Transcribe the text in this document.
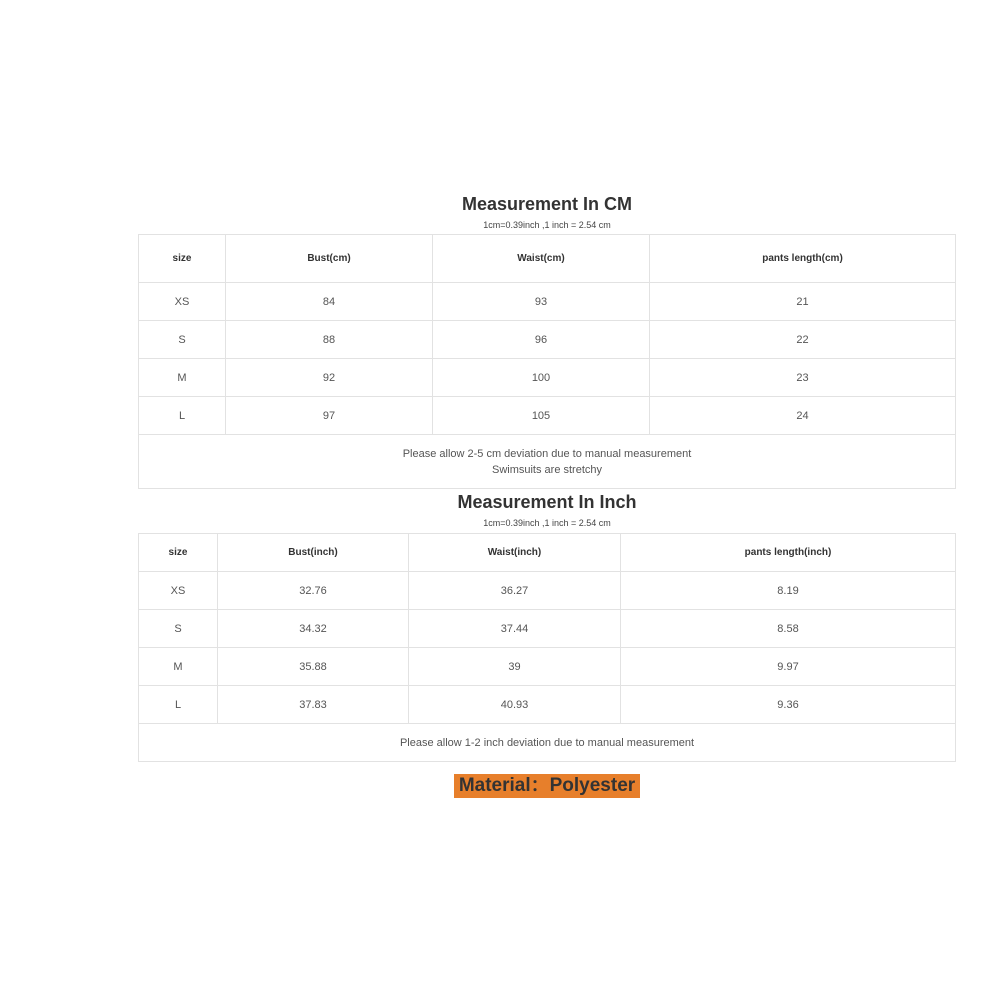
Measurement In CM
1cm=0.39inch ,1 inch = 2.54 cm
size	Bust(cm)	Waist(cm)	pants length(cm)
XS	84	93	21
S	88	96	22
M	92	100	23
L	97	105	24
Please allow 2-5 cm deviation due to manual measurement
Swimsuits are stretchy
Measurement In Inch
1cm=0.39inch ,1 inch = 2.54 cm
size	Bust(inch)	Waist(inch)	pants length(inch)
XS	32.76	36.27	8.19
S	34.32	37.44	8.58
M	35.88	39	9.97
L	37.83	40.93	9.36
Please allow 1-2 inch deviation due to manual measurement
Material：Polyester
